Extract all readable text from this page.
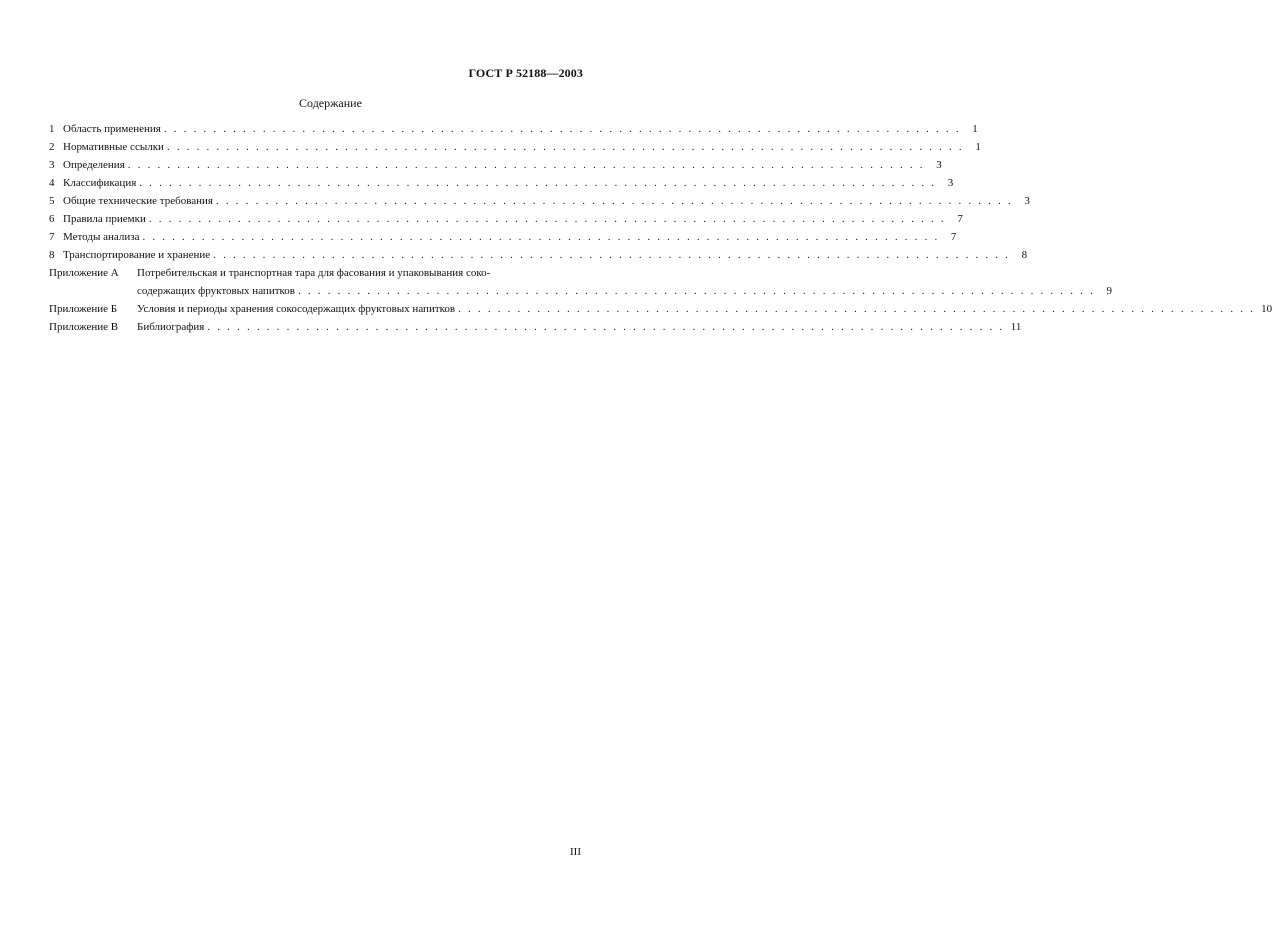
ГОСТ Р 52188—2003
Содержание
1 Область применения . . .	1
2 Нормативные ссылки . . .	1
3 Определения . . .	3
4 Классификация . . .	3
5 Общие технические требования . . .	3
6 Правила приемки . . .	7
7 Методы анализа . . .	7
8 Транспортирование и хранение . . .	8
Приложение А	Потребительская и транспортная тара для фасования и упаковывания соко-
содержащих фруктовых напитков . . .	9
Приложение Б	Условия и периоды хранения сокосодержащих фруктовых напитков . . .	10
Приложение В	Библиография . . .	11
III
